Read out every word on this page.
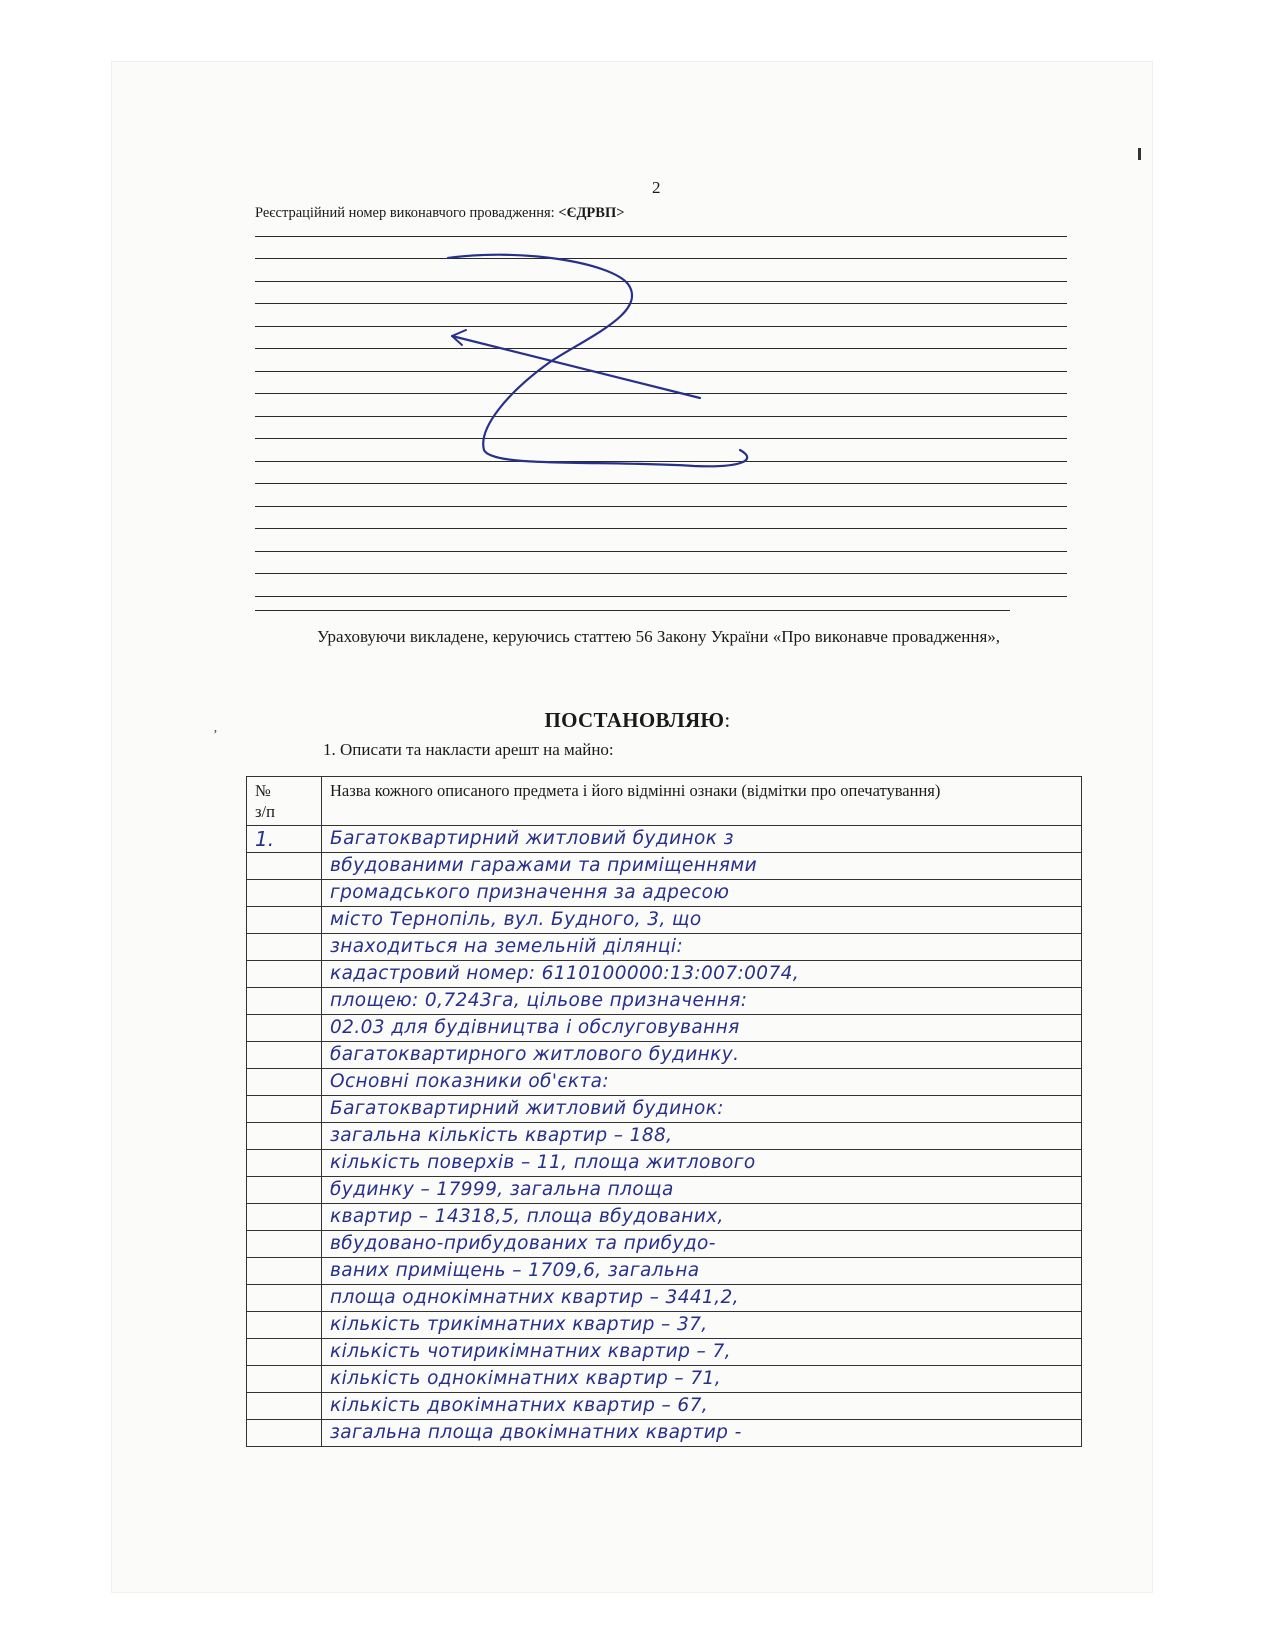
2
Реєстраційний номер виконавчого провадження: <ЄДРВП>
Ураховуючи викладене, керуючись статтею 56 Закону України «Про виконавче провадження»,
ПОСТАНОВЛЯЮ:
ʼ
1. Описати та накласти арешт на майно:
№
з/п	Назва кожного описаного предмета і його відмінні ознаки (відмітки про опечатування)
1.	Багатоквартирний житловий будинок з
	вбудованими гаражами та приміщеннями
	громадського призначення за адресою
	місто Тернопіль, вул. Будного, 3, що
	знаходиться на земельній ділянці:
	кадастровий номер: 6110100000:13:007:0074,
	площею: 0,7243га, цільове призначення:
	02.03 для будівництва і обслуговування
	багатоквартирного житлового будинку.
	Основні показники об'єкта:
	Багатоквартирний житловий будинок:
	загальна кількість квартир – 188,
	кількість поверхів – 11, площа житлового
	будинку – 17999, загальна площа
	квартир – 14318,5, площа вбудованих,
	вбудовано-прибудованих та прибудо-
	ваних приміщень – 1709,6, загальна
	площа однокімнатних квартир – 3441,2,
	кількість трикімнатних квартир – 37,
	кількість чотирикімнатних квартир – 7,
	кількість однокімнатних квартир – 71,
	кількість двокімнатних квартир – 67,
	загальна площа двокімнатних квартир -
